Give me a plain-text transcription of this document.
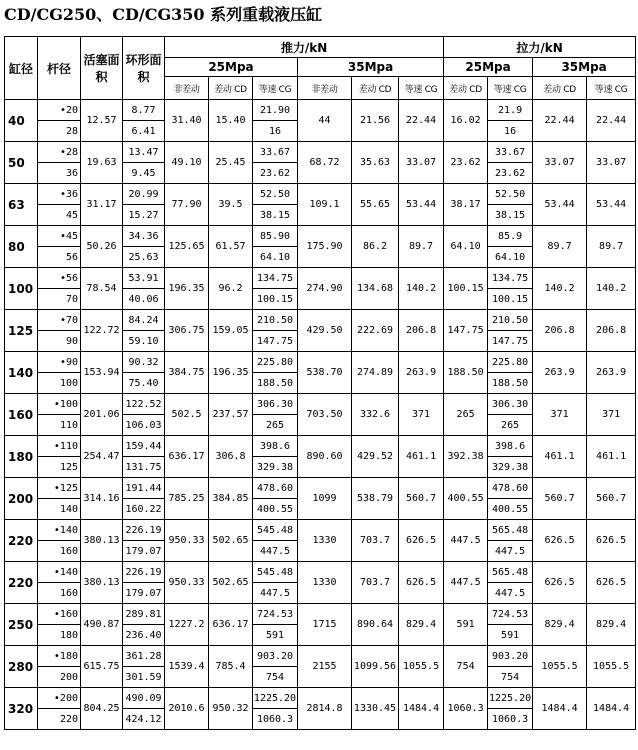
CD/CG250、CD/CG350 系列重载液压缸
缸径	杆径	活塞面积	环形面积	推力/kN						拉力/kN			
				25Mpa			35Mpa			25Mpa		35Mpa	
				非差动	差动 CD	等速 CG	非差动	差动 CD	等速 CG	差动 CD	等速 CG	差动 CD	等速 CG
40	•20	12.57	8.77	31.40	15.40	21.90	44	21.56	22.44	16.02	21.9	22.44	22.44
	28		6.41			16					16		
50	•28	19.63	13.47	49.10	25.45	33.67	68.72	35.63	33.07	23.62	33.67	33.07	33.07
	36		9.45			23.62					23.62		
63	•36	31.17	20.99	77.90	39.5	52.50	109.1	55.65	53.44	38.17	52.50	53.44	53.44
	45		15.27			38.15					38.15		
80	•45	50.26	34.36	125.65	61.57	85.90	175.90	86.2	89.7	64.10	85.9	89.7	89.7
	56		25.63			64.10					64.10		
100	•56	78.54	53.91	196.35	96.2	134.75	274.90	134.68	140.2	100.15	134.75	140.2	140.2
	70		40.06			100.15					100.15		
125	•70	122.72	84.24	306.75	159.05	210.50	429.50	222.69	206.8	147.75	210.50	206.8	206.8
	90		59.10			147.75					147.75		
140	•90	153.94	90.32	384.75	196.35	225.80	538.70	274.89	263.9	188.50	225.80	263.9	263.9
	100		75.40			188.50					188.50		
160	•100	201.06	122.52	502.5	237.57	306.30	703.50	332.6	371	265	306.30	371	371
	110		106.03			265					265		
180	•110	254.47	159.44	636.17	306.8	398.6	890.60	429.52	461.1	392.38	398.6	461.1	461.1
	125		131.75			329.38					329.38		
200	•125	314.16	191.44	785.25	384.85	478.60	1099	538.79	560.7	400.55	478.60	560.7	560.7
	140		160.22			400.55					400.55		
220	•140	380.13	226.19	950.33	502.65	545.48	1330	703.7	626.5	447.5	565.48	626.5	626.5
	160		179.07			447.5					447.5		
220	•140	380.13	226.19	950.33	502.65	545.48	1330	703.7	626.5	447.5	565.48	626.5	626.5
	160		179.07			447.5					447.5		
250	•160	490.87	289.81	1227.2	636.17	724.53	1715	890.64	829.4	591	724.53	829.4	829.4
	180		236.40			591					591		
280	•180	615.75	361.28	1539.4	785.4	903.20	2155	1099.56	1055.5	754	903.20	1055.5	1055.5
	200		301.59			754					754		
320	•200	804.25	490.09	2010.6	950.32	1225.20	2814.8	1330.45	1484.4	1060.3	1225.20	1484.4	1484.4
	220		424.12			1060.3					1060.3		
